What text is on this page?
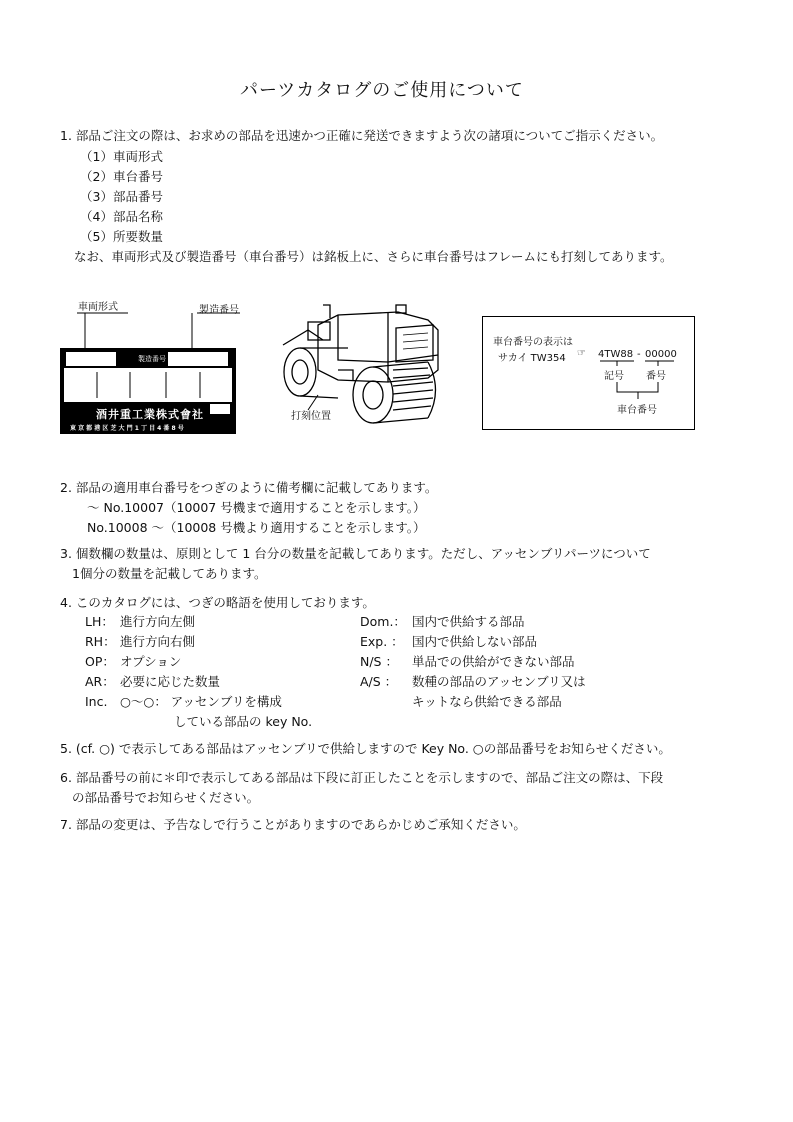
パーツカタログのご使用について
1. 部品ご注文の際は、お求めの部品を迅速かつ正確に発送できますよう次の諸項についてご指示ください。
（1）車両形式
（2）車台番号
（3）部品番号
（4）部品名称
（5）所要数量
なお、車両形式及び製造番号（車台番号）は銘板上に、さらに車台番号はフレームにも打刻してあります。
車両形式	製造番号
製造番号
酒井重工業株式會社
東 京 都 港 区 芝 大 門 1 丁 目 4 番 8 号
打刻位置
車台番号の表示は
サカイ TW354 ☞ 4TW88 - 00000
記号 番号
車台番号
2. 部品の適用車台番号をつぎのように備考欄に記載してあります。
～ No.10007（10007 号機まで適用することを示します。）
No.10008 ～（10008 号機より適用することを示します。）
3. 個数欄の数量は、原則として 1 台分の数量を記載してあります。ただし、アッセンブリパーツについて
1個分の数量を記載してあります。
4. このカタログには、つぎの略語を使用しております。
LH： 進行方向左側
RH： 進行方向右側
OP： オプション
AR： 必要に応じた数量
Inc. ○～○： アッセンブリを構成
している部品の key No.
Dom.： 国内で供給する部品
Exp. ： 国内で供給しない部品
N/S ： 単品での供給ができない部品
A/S ： 数種の部品のアッセンブリ又は
キットなら供給できる部品
5. (cf. ○) で表示してある部品はアッセンブリで供給しますので Key No. ○の部品番号をお知らせください。
6. 部品番号の前に＊印で表示してある部品は下段に訂正したことを示しますので、部品ご注文の際は、下段
の部品番号でお知らせください。
7. 部品の変更は、予告なしで行うことがありますのであらかじめご承知ください。
